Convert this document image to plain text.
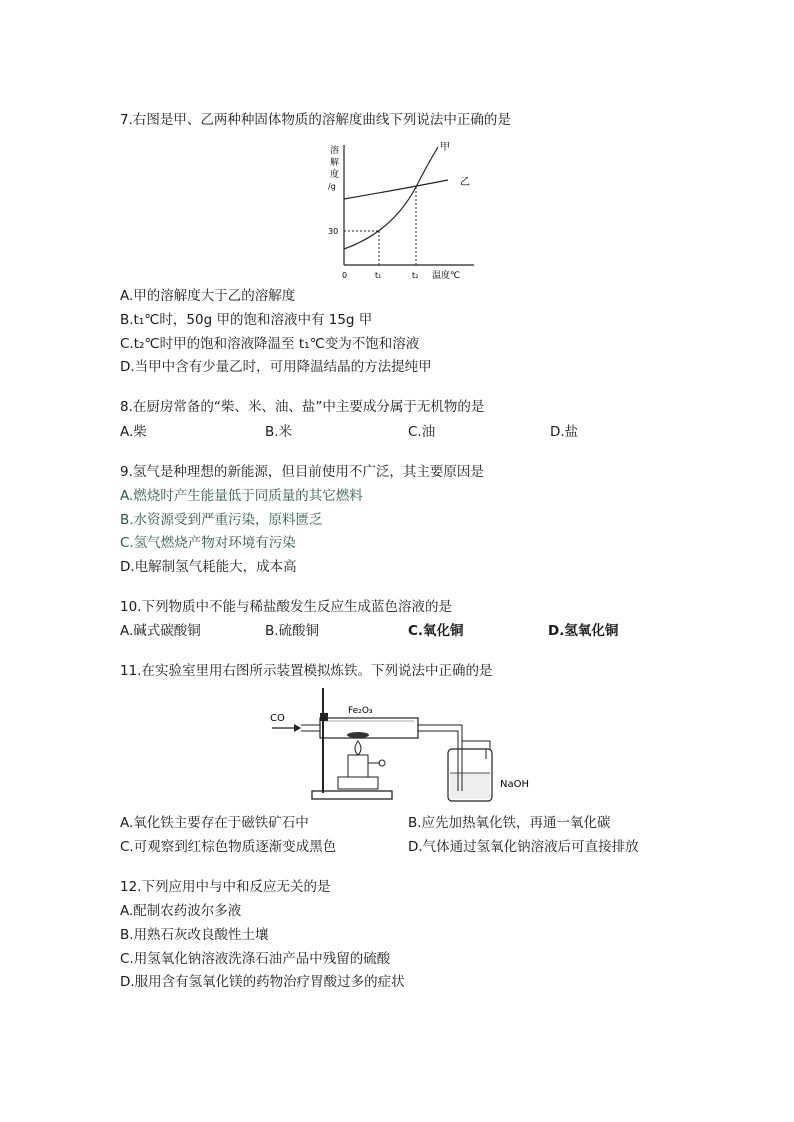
7.右图是甲、乙两种种固体物质的溶解度曲线下列说法中正确的是
溶
解
度
/g
30
0	t₁	t₂ 温度℃
甲
乙
A.甲的溶解度大于乙的溶解度
B.t₁℃时，50g 甲的饱和溶液中有 15g 甲
C.t₂℃时甲的饱和溶液降温至 t₁℃变为不饱和溶液
D.当甲中含有少量乙时，可用降温结晶的方法提纯甲
8.在厨房常备的“柴、米、油、盐”中主要成分属于无机物的是
A.柴	B.米	C.油	D.盐
9.氢气是种理想的新能源，但目前使用不广泛，其主要原因是
A.燃烧时产生能量低于同质量的其它燃料
B.水资源受到严重污染，原料匮乏
C.氢气燃烧产物对环境有污染
D.电解制氢气耗能大，成本高
10.下列物质中不能与稀盐酸发生反应生成蓝色溶液的是
A.碱式碳酸铜	B.硫酸铜	C.氧化铜	D.氢氧化铜
11.在实验室里用右图所示装置模拟炼铁。下列说法中正确的是
CO
Fe₂O₃
NaOH
A.氧化铁主要存在于磁铁矿石中	B.应先加热氧化铁，再通一氧化碳
C.可观察到红棕色物质逐渐变成黑色	D.气体通过氢氧化钠溶液后可直接排放
12.下列应用中与中和反应无关的是
A.配制农药波尔多液
B.用熟石灰改良酸性土壤
C.用氢氧化钠溶液洗涤石油产品中残留的硫酸
D.服用含有氢氧化镁的药物治疗胃酸过多的症状
